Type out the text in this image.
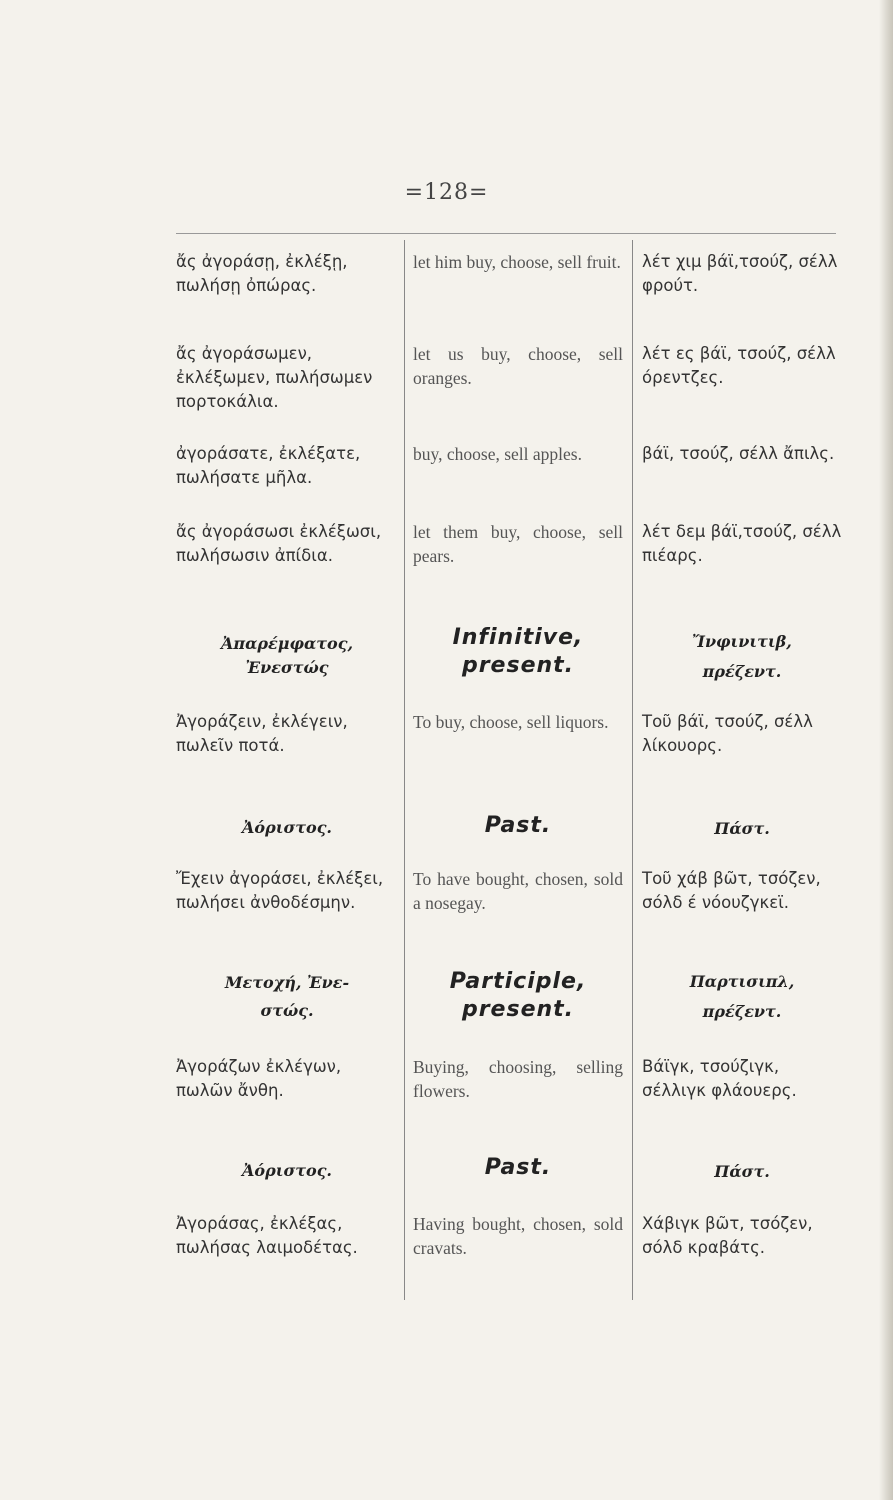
=128=
ἄς ἀγοράσῃ, ἐκλέξῃ, πωλήσῃ ὀπώρας.
ἄς ἀγοράσωμεν, ἐκλέξωμεν, πωλήσωμεν πορτοκάλια.
ἀγοράσατε, ἐκλέξατε, πωλήσατε μῆλα.
ἄς ἀγοράσωσι ἐκλέξωσι, πωλήσωσιν ἀπίδια.
Ἀπαρέμφατος,
Ἐνεστώς
Ἀγοράζειν, ἐκλέγειν, πωλεῖν ποτά.
Ἀόριστος.
Ἔχειν ἀγοράσει, ἐκλέξει, πωλήσει ἀνθοδέσμην.
Μετοχή, Ἐνε-
στώς.
Ἀγοράζων ἐκλέγων, πωλῶν ἄνθη.
Ἀόριστος.
Ἀγοράσας, ἐκλέξας, πωλήσας λαιμοδέτας.
let him buy, choose, sell fruit.
let us buy, choose, sell oranges.
buy, choose, sell apples.
let them buy, choose, sell pears.
Infinitive,
present.
To buy, choose, sell liquors.
Past.
To have bought, chosen, sold a nosegay.
Participle,
present.
Buying, choosing, selling flowers.
Past.
Having bought, chosen, sold cravats.
λέτ χιμ βάϊ,τσούζ, σέλλ φρούτ.
λέτ ες βάϊ, τσούζ, σέλλ όρεντζες.
βάϊ, τσούζ, σέλλ ἄπιλς.
λέτ δεμ βάϊ,τσούζ, σέλλ πιέαρς.
Ἴνφινιτιβ,
πρέζεντ.
Τοῦ βάϊ, τσούζ, σέλλ λίκουορς.
Πάστ.
Τοῦ χάβ βῶτ, τσόζεν, σόλδ έ νόουζγκεϊ.
Παρτισιπλ,
πρέζεντ.
Βάϊγκ, τσούζιγκ, σέλλιγκ φλάουερς.
Πάστ.
Χάβιγκ βῶτ, τσόζεν, σόλδ κραβάτς.
